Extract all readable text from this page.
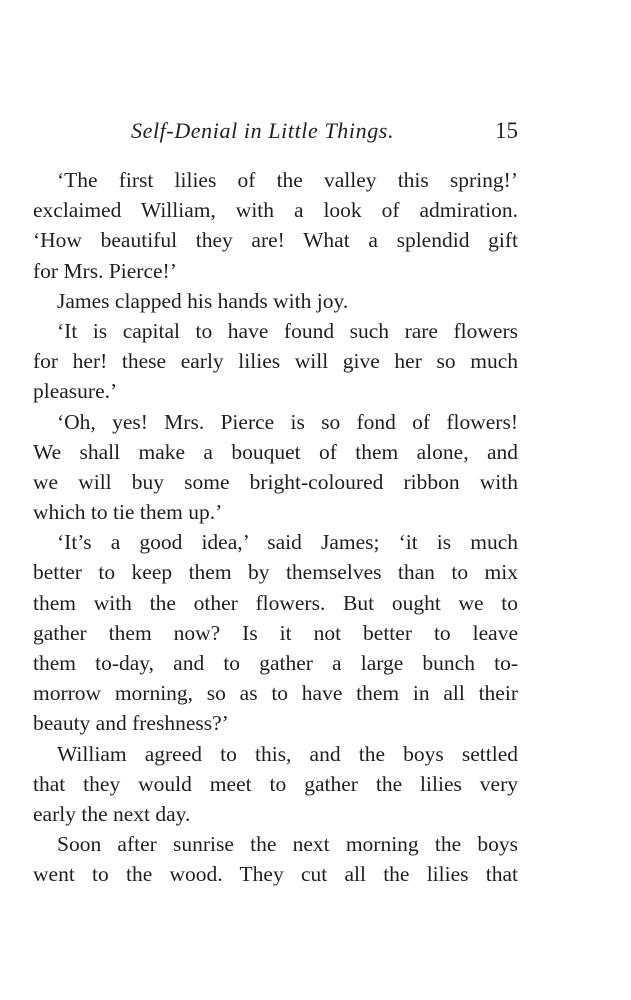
Self-Denial in Little Things.	15
‘The first lilies of the valley this spring!’
exclaimed William, with a look of admiration.
‘How beautiful they are! What a splendid gift
for Mrs. Pierce!’
James clapped his hands with joy.
‘It is capital to have found such rare flowers
for her! these early lilies will give her so much
pleasure.’
‘Oh, yes! Mrs. Pierce is so fond of flowers!
We shall make a bouquet of them alone, and
we will buy some bright-coloured ribbon with
which to tie them up.’
‘It’s a good idea,’ said James; ‘it is much
better to keep them by themselves than to mix
them with the other flowers. But ought we to
gather them now? Is it not better to leave
them to-day, and to gather a large bunch to-
morrow morning, so as to have them in all their
beauty and freshness?’
William agreed to this, and the boys settled
that they would meet to gather the lilies very
early the next day.
Soon after sunrise the next morning the boys
went to the wood. They cut all the lilies that
